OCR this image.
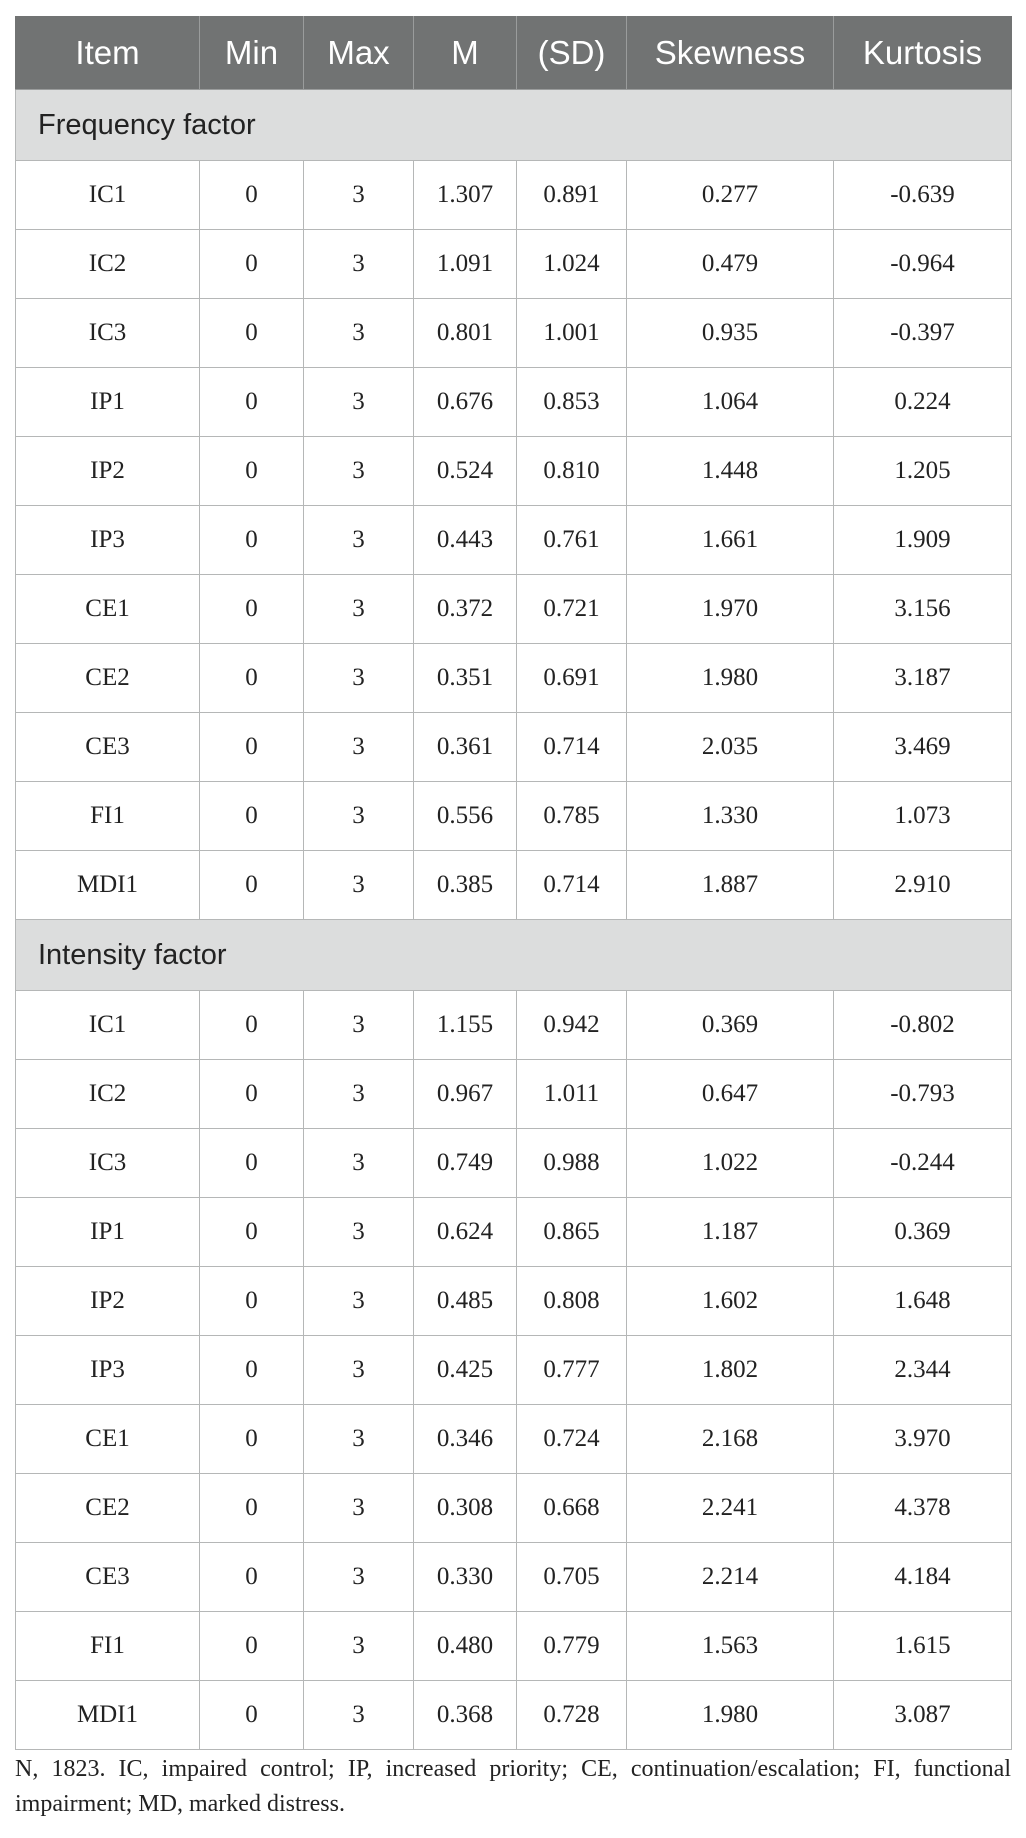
Item	Min	Max	M	(SD)	Skewness	Kurtosis
Frequency factor						
IC1	0	3	1.307	0.891	0.277	-0.639
IC2	0	3	1.091	1.024	0.479	-0.964
IC3	0	3	0.801	1.001	0.935	-0.397
IP1	0	3	0.676	0.853	1.064	0.224
IP2	0	3	0.524	0.810	1.448	1.205
IP3	0	3	0.443	0.761	1.661	1.909
CE1	0	3	0.372	0.721	1.970	3.156
CE2	0	3	0.351	0.691	1.980	3.187
CE3	0	3	0.361	0.714	2.035	3.469
FI1	0	3	0.556	0.785	1.330	1.073
MDI1	0	3	0.385	0.714	1.887	2.910
Intensity factor						
IC1	0	3	1.155	0.942	0.369	-0.802
IC2	0	3	0.967	1.011	0.647	-0.793
IC3	0	3	0.749	0.988	1.022	-0.244
IP1	0	3	0.624	0.865	1.187	0.369
IP2	0	3	0.485	0.808	1.602	1.648
IP3	0	3	0.425	0.777	1.802	2.344
CE1	0	3	0.346	0.724	2.168	3.970
CE2	0	3	0.308	0.668	2.241	4.378
CE3	0	3	0.330	0.705	2.214	4.184
FI1	0	3	0.480	0.779	1.563	1.615
MDI1	0	3	0.368	0.728	1.980	3.087
N, 1823. IC, impaired control; IP, increased priority; CE, continuation/escalation; FI, functional impairment; MD, marked distress.
